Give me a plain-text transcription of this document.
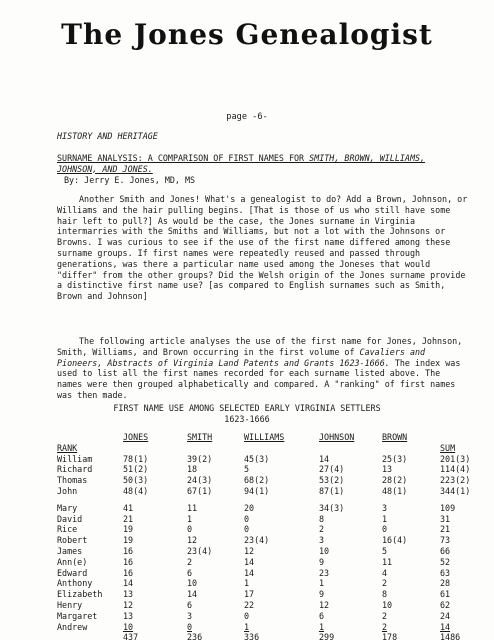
The Jones Genealogist
page -6-
HISTORY AND HERITAGE
SURNAME ANALYSIS: A COMPARISON OF FIRST NAMES FOR SMITH, BROWN, WILLIAMS, JOHNSON, AND JONES.
By: Jerry E. Jones, MD, MS

Another Smith and Jones! What's a genealogist to do? Add a Brown, Johnson, or Williams and the hair pulling begins. [That is those of us who still have some hair left to pull?] As would be the case, the Jones surname in Virginia intermarries with the Smiths and Williams, but not a lot with the Johnsons or Browns. I was curious to see if the use of the first name differed among these surname groups. If first names were repeatedly reused and passed through generations, was there a particular name used among the Joneses that would "differ" from the other groups? Did the Welsh origin of the Jones surname provide a distinctive first name use? [as compared to English surnames such as Smith, Brown and Johnson]

The following article analyses the use of the first name for Jones, Johnson, Smith, Williams, and Brown occurring in the first volume of Cavaliers and Pioneers, Abstracts of Virginia Land Patents and Grants 1623-1666. The index was used to list all the first names recorded for each surname listed above. The names were then grouped alphabetically and compared. A "ranking" of first names was then made.

FIRST NAME USE AMONG SELECTED EARLY VIRGINIA SETTLERS
1623-1666
	JONES	SMITH	WILLIAMS	JOHNSON	BROWN	
RANK						SUM
William	78(1)	39(2)	45(3)	14	25(3)	201(3)
Richard	51(2)	18	5	27(4)	13	114(4)
Thomas	50(3)	24(3)	68(2)	53(2)	28(2)	223(2)
John	48(4)	67(1)	94(1)	87(1)	48(1)	344(1)

Mary	41	11	20	34(3)	3	109
David	21	1	0	8	1	31
Rice	19	0	0	2	0	21
Robert	19	12	23(4)	3	16(4)	73
James	16	23(4)	12	10	5	66
Ann(e)	16	2	14	9	11	52
Edward	16	6	14	23	4	63
Anthony	14	10	1	1	2	28
Elizabeth	13	14	17	9	8	61
Henry	12	6	22	12	10	62
Margaret	13	3	0	6	2	24
Andrew	10	0	1	1	2	14
	437	236	336	299	178	1486
